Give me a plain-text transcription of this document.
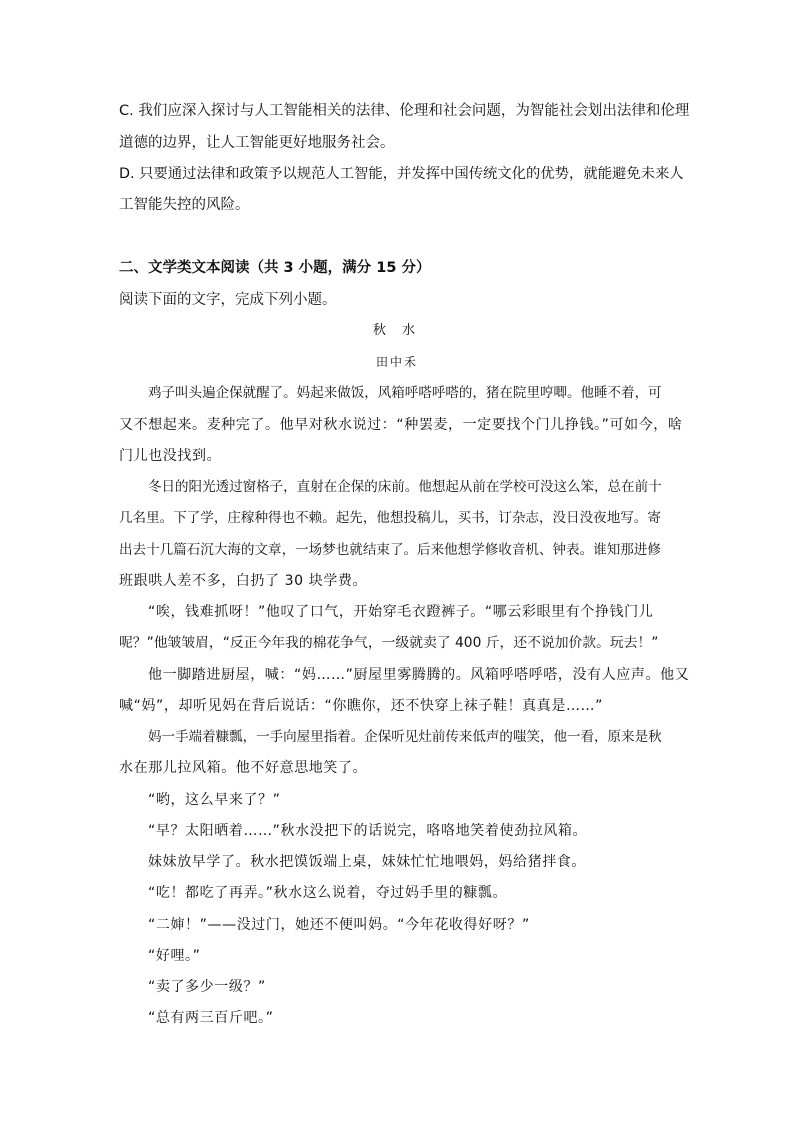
C. 我们应深入探讨与人工智能相关的法律、伦理和社会问题，为智能社会划出法律和伦理
道德的边界，让人工智能更好地服务社会。
D. 只要通过法律和政策予以规范人工智能，并发挥中国传统文化的优势，就能避免未来人
工智能失控的风险。
二、文学类文本阅读（共 3 小题，满分 15 分）
阅读下面的文字，完成下列小题。
秋 水
田中禾
鸡子叫头遍企保就醒了。妈起来做饭，风箱呼嗒呼嗒的，猪在院里哼唧。他睡不着，可
又不想起来。麦种完了。他早对秋水说过：“种罢麦，一定要找个门儿挣钱。”可如今，啥
门儿也没找到。
冬日的阳光透过窗格子，直射在企保的床前。他想起从前在学校可没这么笨，总在前十
几名里。下了学，庄稼种得也不赖。起先，他想投稿儿，买书，订杂志，没日没夜地写。寄
出去十几篇石沉大海的文章，一场梦也就结束了。后来他想学修收音机、钟表。谁知那进修
班跟哄人差不多，白扔了 30 块学费。
“唉，钱难抓呀！”他叹了口气，开始穿毛衣蹬裤子。“哪云彩眼里有个挣钱门儿
呢？”他皱皱眉，“反正今年我的棉花争气，一级就卖了 400 斤，还不说加价款。玩去！”
他一脚踏进厨屋，喊：“妈……”厨屋里雾腾腾的。风箱呼嗒呼嗒，没有人应声。他又
喊“妈”，却听见妈在背后说话：“你瞧你，还不快穿上袜子鞋！真真是……”
妈一手端着糠瓢，一手向屋里指着。企保听见灶前传来低声的嗤笑，他一看，原来是秋
水在那儿拉风箱。他不好意思地笑了。
“哟，这么早来了？”
“早？太阳晒着……”秋水没把下的话说完，咯咯地笑着使劲拉风箱。
妹妹放早学了。秋水把馍饭端上桌，妹妹忙忙地喂妈，妈给猪拌食。
“吃！都吃了再弄。”秋水这么说着，夺过妈手里的糠瓢。
“二婶！”——没过门，她还不便叫妈。“今年花收得好呀？”
“好哩。”
“卖了多少一级？”
“总有两三百斤吧。”
